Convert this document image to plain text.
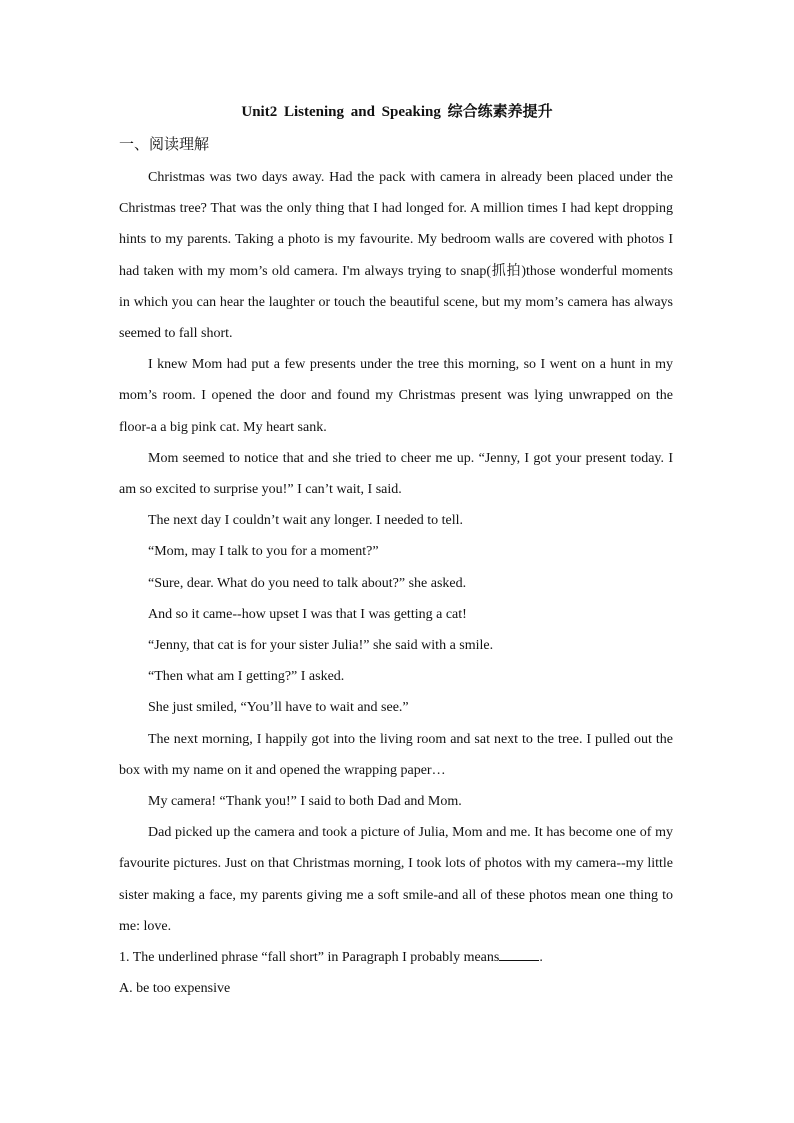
Unit2 Listening and Speaking 综合练素养提升
一、阅读理解

Christmas was two days away. Had the pack with camera in already been placed under the Christmas tree? That was the only thing that I had longed for. A million times I had kept dropping hints to my parents. Taking a photo is my favourite. My bedroom walls are covered with photos I had taken with my mom’s old camera. I'm always trying to snap(抓拍)those wonderful moments in which you can hear the laughter or touch the beautiful scene, but my mom’s camera has always seemed to fall short.

I knew Mom had put a few presents under the tree this morning, so I went on a hunt in my mom’s room. I opened the door and found my Christmas present was lying unwrapped on the floor-a a big pink cat. My heart sank.

Mom seemed to notice that and she tried to cheer me up. “Jenny, I got your present today. I am so excited to surprise you!” I can’t wait, I said.

The next day I couldn’t wait any longer. I needed to tell.

“Mom, may I talk to you for a moment?”

“Sure, dear. What do you need to talk about?” she asked.

And so it came--how upset I was that I was getting a cat!

“Jenny, that cat is for your sister Julia!” she said with a smile.

“Then what am I getting?” I asked.

She just smiled, “You’ll have to wait and see.”

The next morning, I happily got into the living room and sat next to the tree. I pulled out the box with my name on it and opened the wrapping paper…

My camera! “Thank you!” I said to both Dad and Mom.

Dad picked up the camera and took a picture of Julia, Mom and me. It has become one of my favourite pictures. Just on that Christmas morning, I took lots of photos with my camera--my little sister making a face, my parents giving me a soft smile-and all of these photos mean one thing to me: love.

1. The underlined phrase “fall short” in Paragraph I probably means	.

A. be too expensive
